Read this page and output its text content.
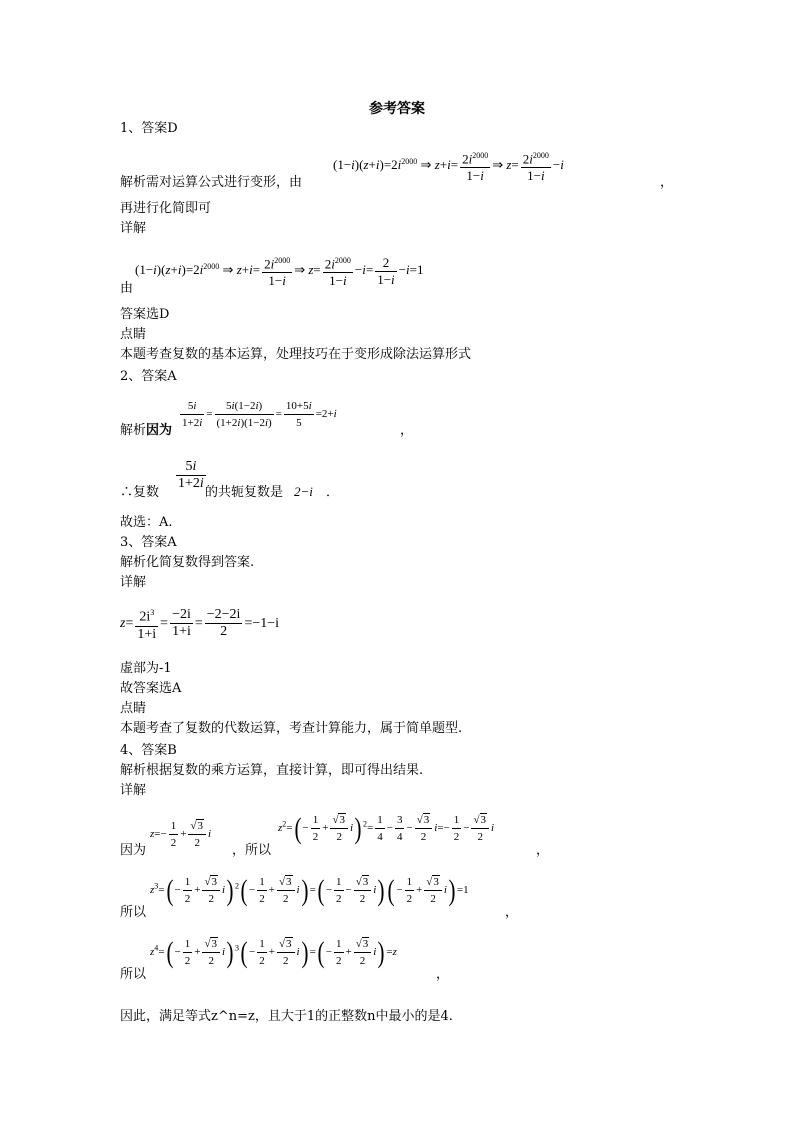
参考答案
1、答案D
解析需对运算公式进行变形，由
$(1-i)(z+i)=2i^{2000}$ ⇒ $z+i= \frac{2i^{2000}}{1-i}$ ⇒ $z= \frac{2i^{2000}}{1-i} -i$
，
再进行化简即可
详解
$(1-i)(z+i)=2i^{2000}$ ⇒ $z+i= \frac{2i^{2000}}{1-i}$ ⇒ $z= \frac{2i^{2000}}{1-i} -i= \frac{2}{1-i} -i=1$
由
答案选D
点睛
本题考查复数的基本运算，处理技巧在于变形成除法运算形式
2、答案A
解析因为 $\frac{5i}{1+2i} = \frac{5i(1-2i)}{(1+2i)(1-2i)} = \frac{10+5i}{5} =2+i$
，
∴复数
$\frac{5i}{1+2i}$
的共轭复数是 2−i ．
故选：A.
3、答案A
解析化简复数得到答案.
详解
$z= \frac{2i^3}{1+i} = \frac{-2i}{1+i} = \frac{-2-2i}{2} =-1-i$
虚部为-1
故答案选A
点睛
本题考查了复数的代数运算，考查计算能力，属于简单题型.
4、答案B
解析根据复数的乘方运算，直接计算，即可得出结果.
详解
因为
$z=- \frac{1}{2} + \frac{√3}{2}$ i
，所以
$z^2=( - \frac{1}{2} + \frac{√3}{2} i)$ $^2= \frac{1}{4} - \frac{3}{4} - \frac{√3}{2} i=- \frac{1}{2} - \frac{√3}{2}$ i
，
所以
$z^3=( - \frac{1}{2} + \frac{√3}{2} i) ^2( - \frac{1}{2} + \frac{√3}{2} i)$ =( − $\frac{1}{2} - \frac{√3}{2} i$) ( − $\frac{1}{2} + \frac{√3}{2} i) =1$
，
所以
$z^4=( - \frac{1}{2} + \frac{√3}{2} i) ^3( - \frac{1}{2} + \frac{√3}{2} i)$ =( − $\frac{1}{2} + \frac{√3}{2} i) =z$
，
因此，满足等式z^n=z，且大于1的正整数n中最小的是4.
